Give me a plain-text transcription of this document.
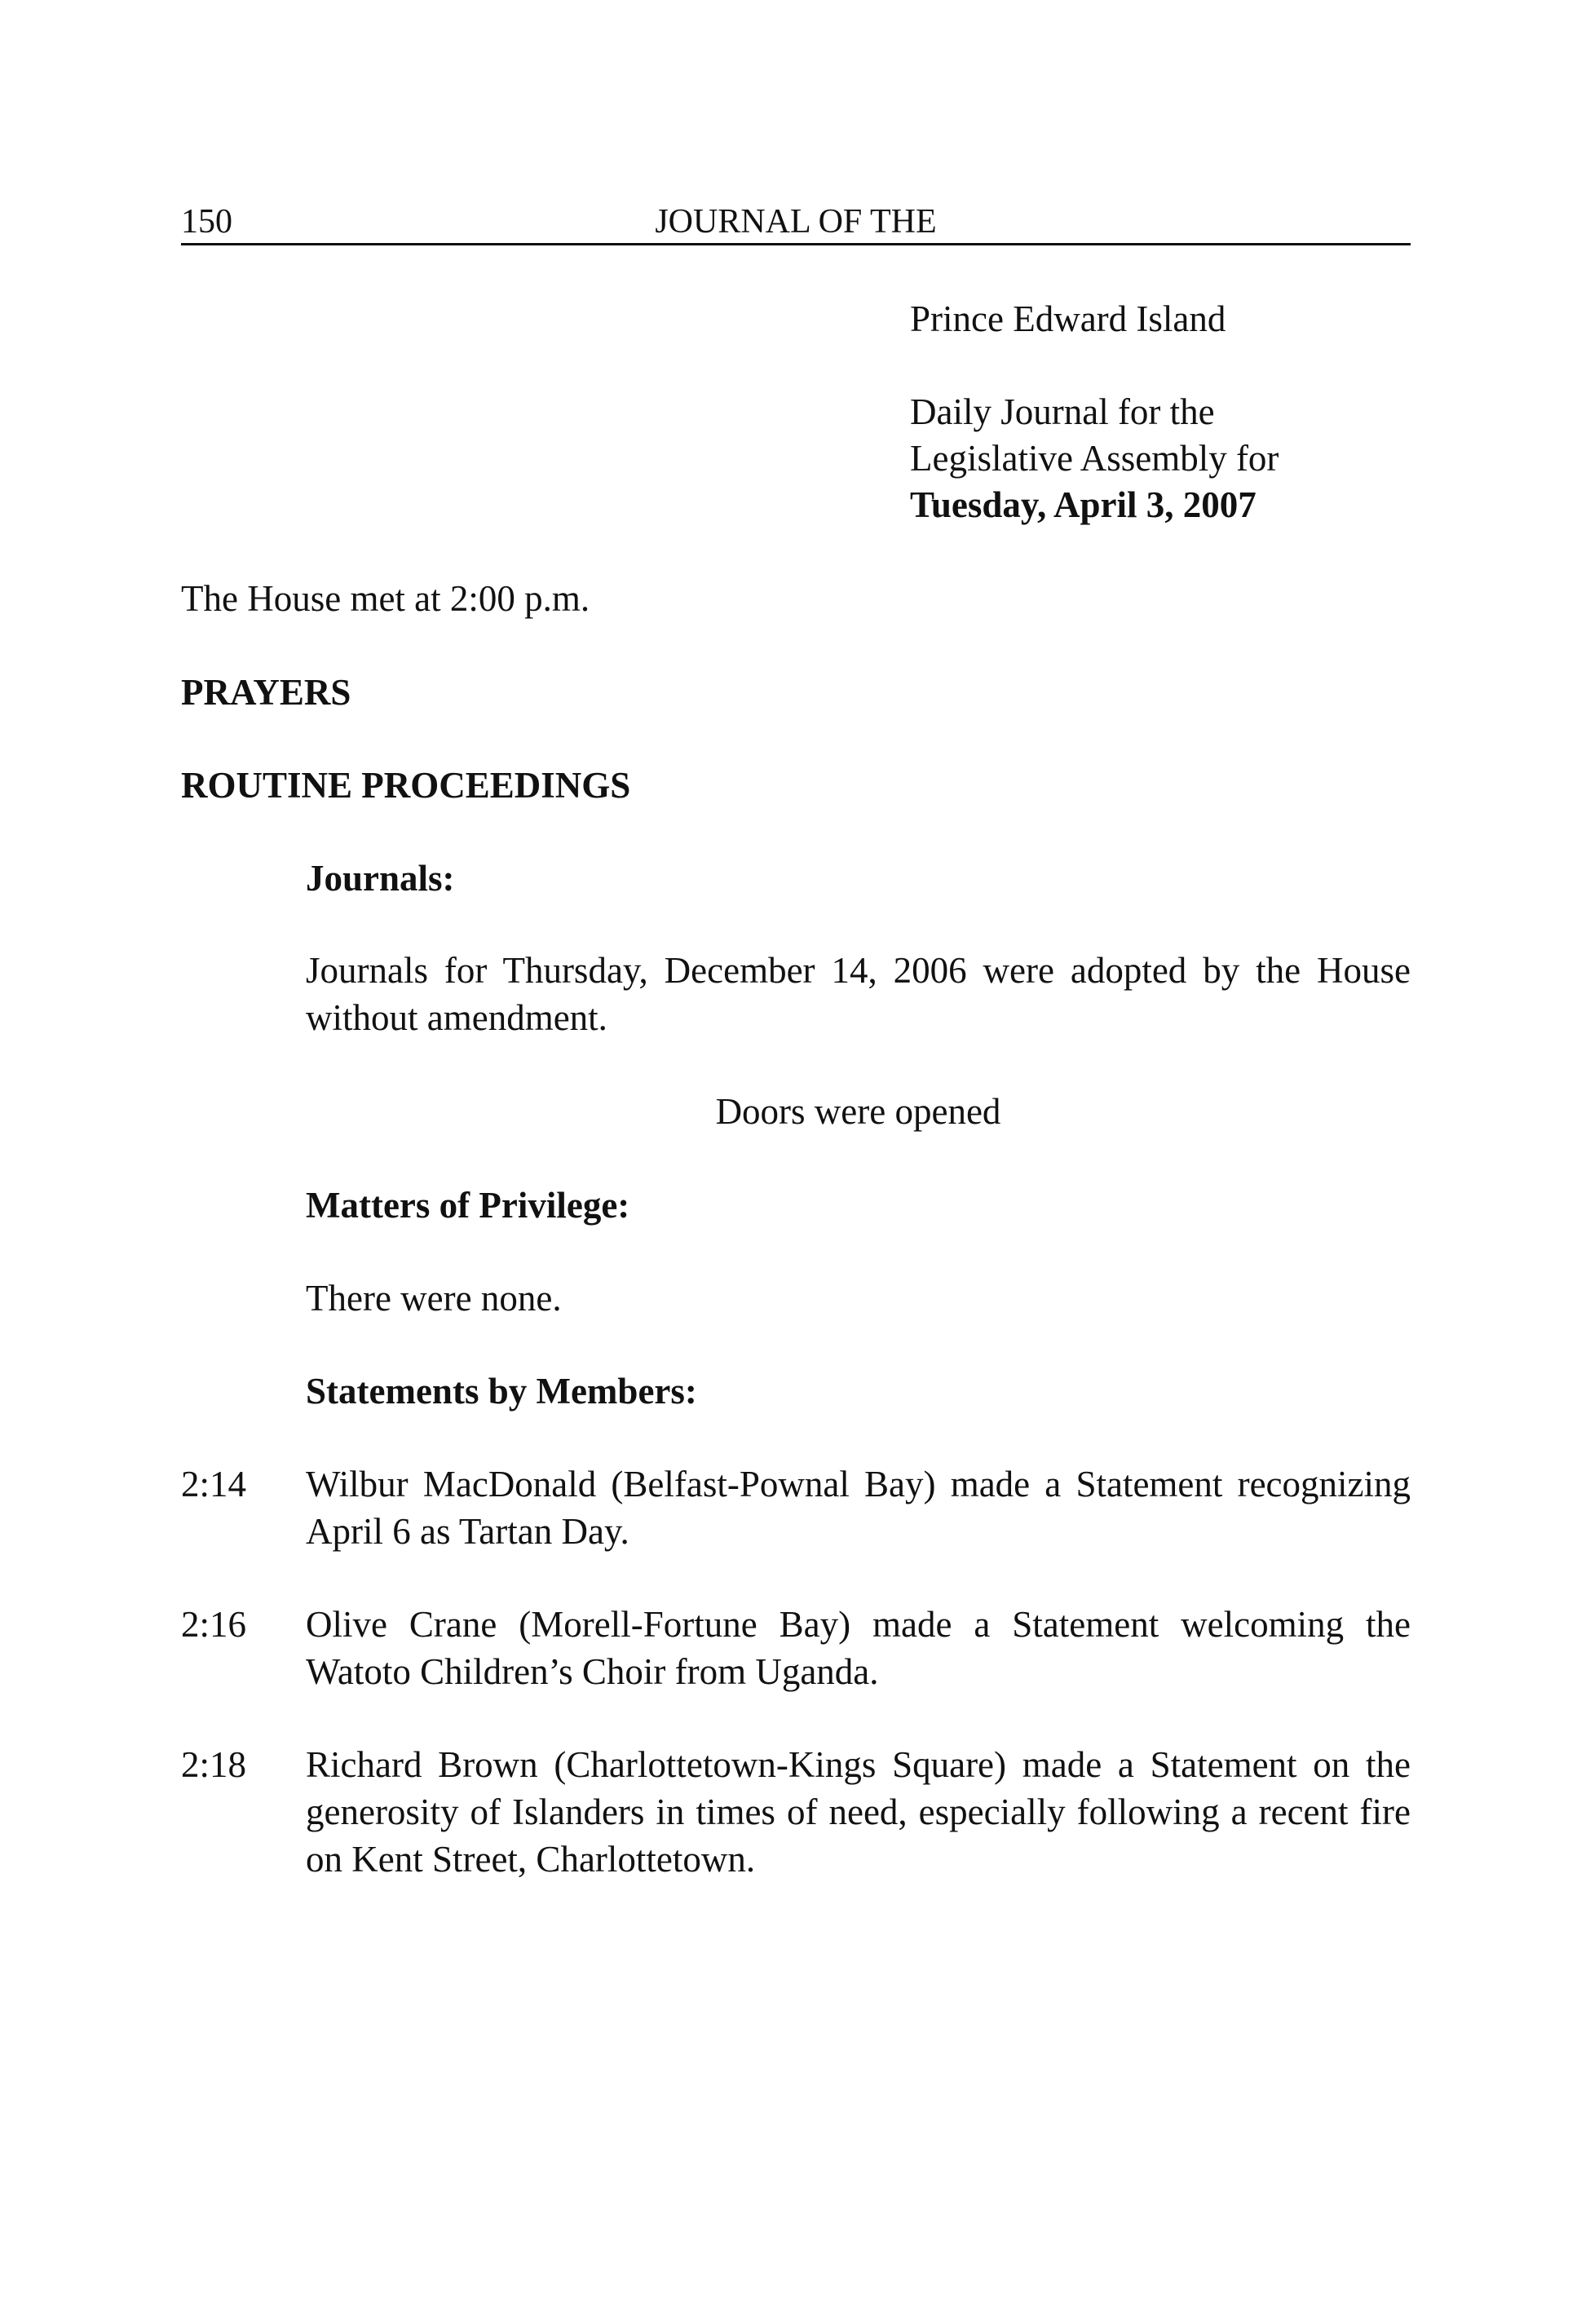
150	JOURNAL OF THE
Prince Edward Island
Daily Journal for the
Legislative Assembly for
Tuesday, April 3, 2007
The House met at 2:00 p.m.
PRAYERS
ROUTINE PROCEEDINGS
Journals:
Journals for Thursday, December 14, 2006 were adopted by the House without amendment.
Doors were opened
Matters of Privilege:
There were none.
Statements by Members:
2:14 Wilbur MacDonald (Belfast-Pownal Bay) made a Statement recognizing April 6 as Tartan Day.
2:16 Olive Crane (Morell-Fortune Bay) made a Statement welcoming the Watoto Children’s Choir from Uganda.
2:18 Richard Brown (Charlottetown-Kings Square) made a Statement on the generosity of Islanders in times of need, especially following a recent fire on Kent Street, Charlottetown.
